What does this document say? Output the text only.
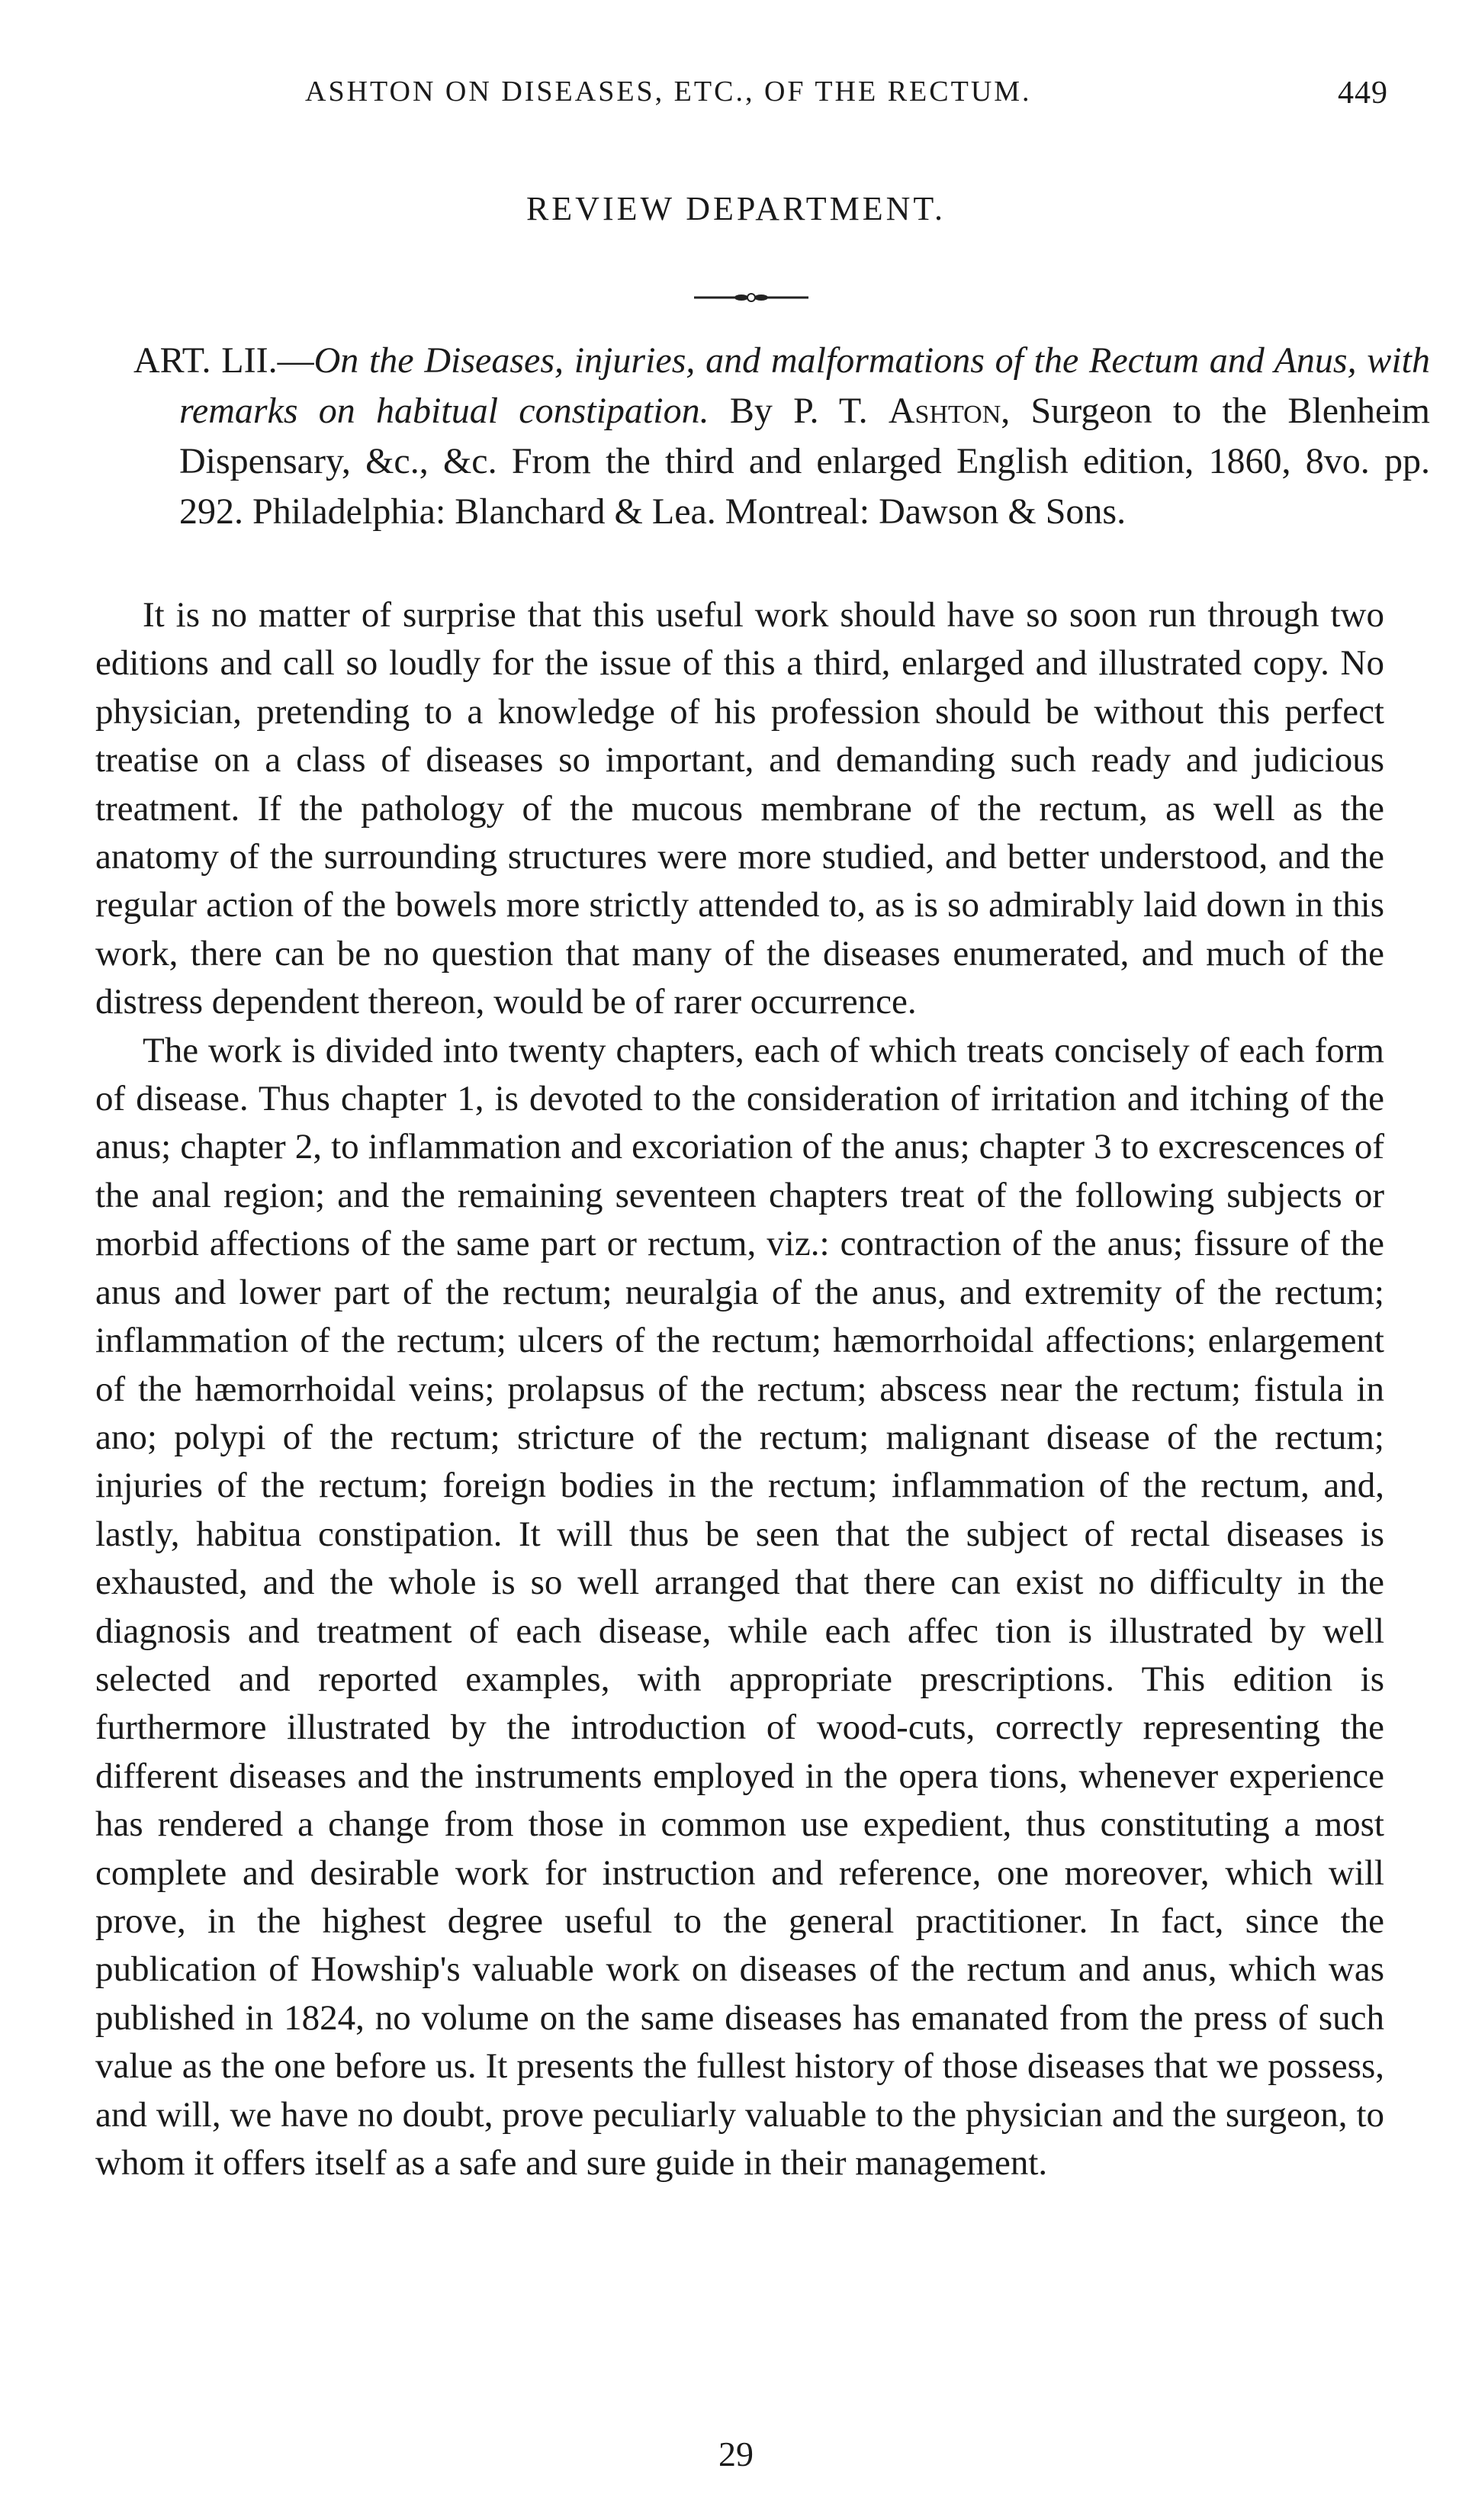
ASHTON ON DISEASES, ETC., OF THE RECTUM.	449
REVIEW DEPARTMENT.
ART. LII.—On the Diseases, injuries, and malformations of the Rectum and Anus, with remarks on habitual constipation. By P. T. Ashton, Surgeon to the Blenheim Dispensary, &c., &c. From the third and enlarged English edition, 1860, 8vo. pp. 292. Philadelphia: Blanchard & Lea. Montreal: Dawson & Sons.

It is no matter of surprise that this useful work should have so soon run through two editions and call so loudly for the issue of this a third, enlarged and illustrated copy. No physician, pretending to a knowledge of his profession should be without this perfect treatise on a class of diseases so important, and demanding such ready and judicious treatment. If the pathology of the mucous membrane of the rectum, as well as the anatomy of the surrounding structures were more studied, and better understood, and the regular action of the bowels more strictly attended to, as is so admirably laid down in this work, there can be no question that many of the diseases enumerated, and much of the distress dependent thereon, would be of rarer occurrence.

The work is divided into twenty chapters, each of which treats concisely of each form of disease. Thus chapter 1, is devoted to the consideration of irritation and itching of the anus; chapter 2, to inflammation and excoriation of the anus; chapter 3 to excrescences of the anal region; and the remaining seventeen chapters treat of the following subjects or morbid affections of the same part or rectum, viz.: contraction of the anus; fissure of the anus and lower part of the rectum; neuralgia of the anus, and extremity of the rectum; inflammation of the rectum; ulcers of the rectum; hæmorrhoidal affections; enlargement of the hæmorrhoidal veins; prolapsus of the rectum; abscess near the rectum; fistula in ano; polypi of the rectum; stricture of the rectum; malignant disease of the rectum; injuries of the rectum; foreign bodies in the rectum; inflammation of the rectum, and, lastly, habitua constipation. It will thus be seen that the subject of rectal diseases is exhausted, and the whole is so well arranged that there can exist no difficulty in the diagnosis and treatment of each disease, while each affec tion is illustrated by well selected and reported examples, with appropriate prescriptions. This edition is furthermore illustrated by the introduction of wood-cuts, correctly representing the different diseases and the instruments employed in the opera tions, whenever experience has rendered a change from those in common use expedient, thus constituting a most complete and desirable work for instruction and reference, one moreover, which will prove, in the highest degree useful to the general practitioner. In fact, since the publication of Howship's valuable work on diseases of the rectum and anus, which was published in 1824, no volume on the same diseases has emanated from the press of such value as the one before us. It presents the fullest history of those diseases that we possess, and will, we have no doubt, prove peculiarly valuable to the physician and the surgeon, to whom it offers itself as a safe and sure guide in their management.

29
